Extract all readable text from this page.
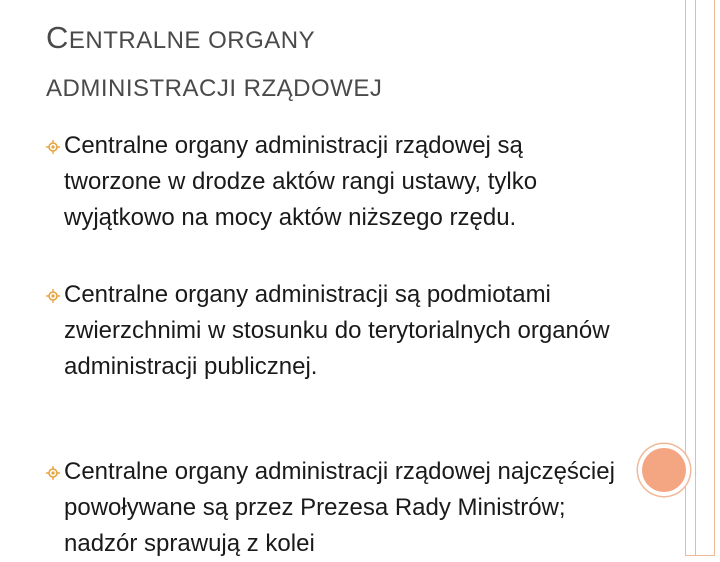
CENTRALNE ORGANY
ADMINISTRACJI RZĄDOWEJ
Centralne organy administracji rządowej są tworzone w drodze aktów rangi ustawy, tylko wyjątkowo na mocy aktów niższego rzędu.
Centralne organy administracji są podmiotami zwierzchnimi w stosunku do terytorialnych organów administracji publicznej.
Centralne organy administracji rządowej najczęściej powoływane są przez Prezesa Rady Ministrów; nadzór sprawują z kolei
